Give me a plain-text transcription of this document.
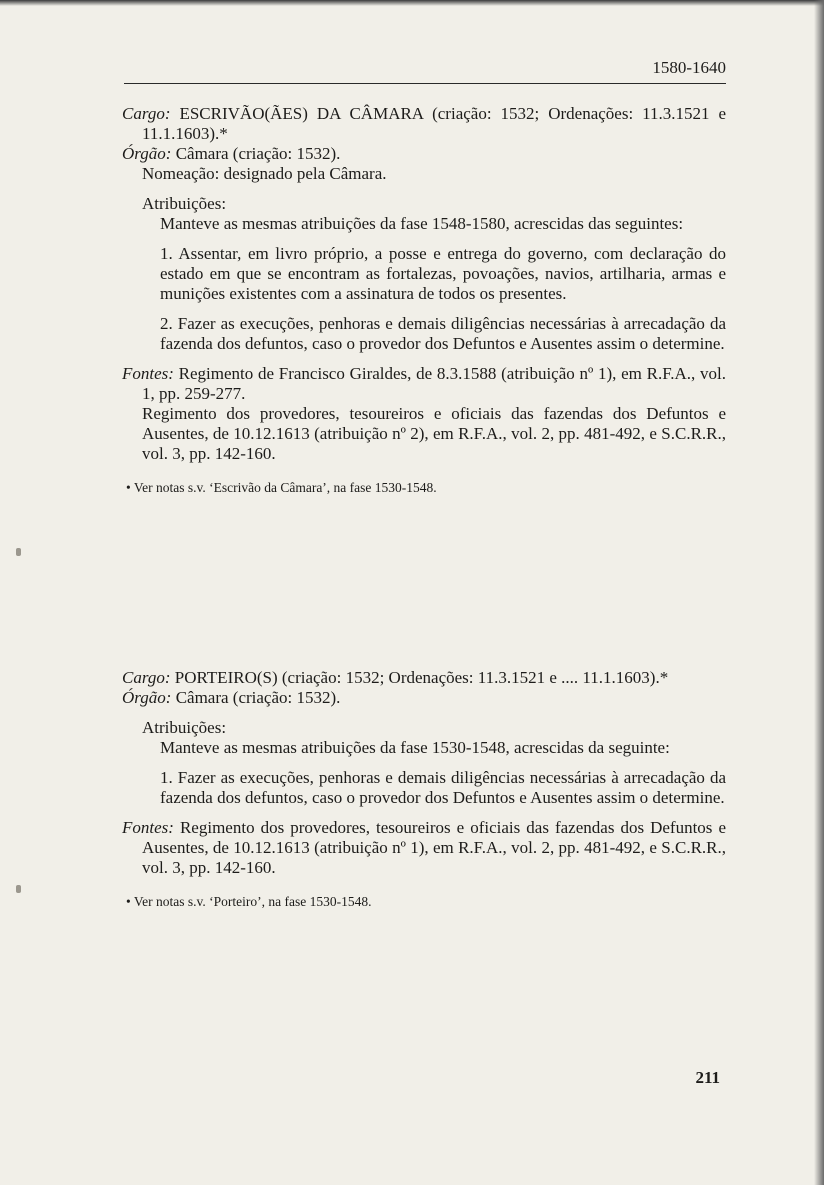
1580-1640
Cargo: ESCRIVÃO(ÃES) DA CÂMARA (criação: 1532; Ordenações: 11.3.1521 e 11.1.1603).*
Órgão: Câmara (criação: 1532).
Nomeação: designado pela Câmara.
Atribuições:
Manteve as mesmas atribuições da fase 1548-1580, acrescidas das seguintes:
1. Assentar, em livro próprio, a posse e entrega do governo, com declaração do estado em que se encontram as fortalezas, povoações, navios, artilharia, armas e munições existentes com a assinatura de todos os presentes.
2. Fazer as execuções, penhoras e demais diligências necessárias à arrecadação da fazenda dos defuntos, caso o provedor dos Defuntos e Ausentes assim o determine.
Fontes: Regimento de Francisco Giraldes, de 8.3.1588 (atribuição nº 1), em R.F.A., vol. 1, pp. 259-277.
Regimento dos provedores, tesoureiros e oficiais das fazendas dos Defuntos e Ausentes, de 10.12.1613 (atribuição nº 2), em R.F.A., vol. 2, pp. 481-492, e S.C.R.R., vol. 3, pp. 142-160.
• Ver notas s.v. ‘Escrivão da Câmara’, na fase 1530-1548.
Cargo: PORTEIRO(S) (criação: 1532; Ordenações: 11.3.1521 e .... 11.1.1603).*
Órgão: Câmara (criação: 1532).
Atribuições:
Manteve as mesmas atribuições da fase 1530-1548, acrescidas da seguinte:
1. Fazer as execuções, penhoras e demais diligências necessárias à arrecadação da fazenda dos defuntos, caso o provedor dos Defuntos e Ausentes assim o determine.
Fontes: Regimento dos provedores, tesoureiros e oficiais das fazendas dos Defuntos e Ausentes, de 10.12.1613 (atribuição nº 1), em R.F.A., vol. 2, pp. 481-492, e S.C.R.R., vol. 3, pp. 142-160.
• Ver notas s.v. ‘Porteiro’, na fase 1530-1548.
211
